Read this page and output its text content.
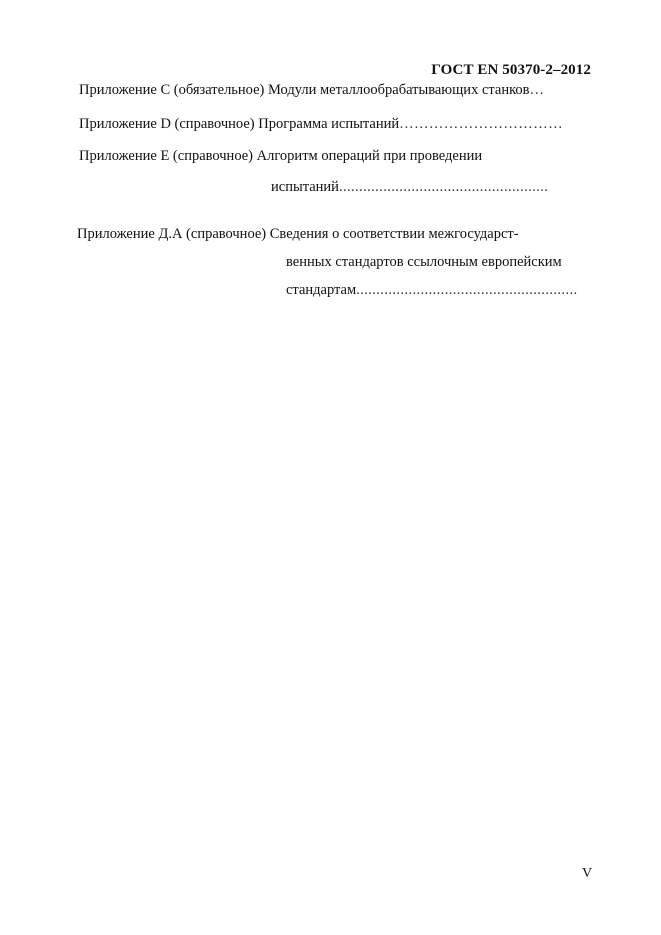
ГОСТ EN 50370-2–2012
Приложение C (обязательное) Модули металлообрабатывающих станков…
Приложение D (справочное) Программа испытаний……………………………
Приложение E (справочное) Алгоритм операций при проведении
испытаний....................................................
Приложение Д.А (справочное) Сведения о соответствии межгосударст-
венных стандартов ссылочным европейским
стандартам.......................................................
V
